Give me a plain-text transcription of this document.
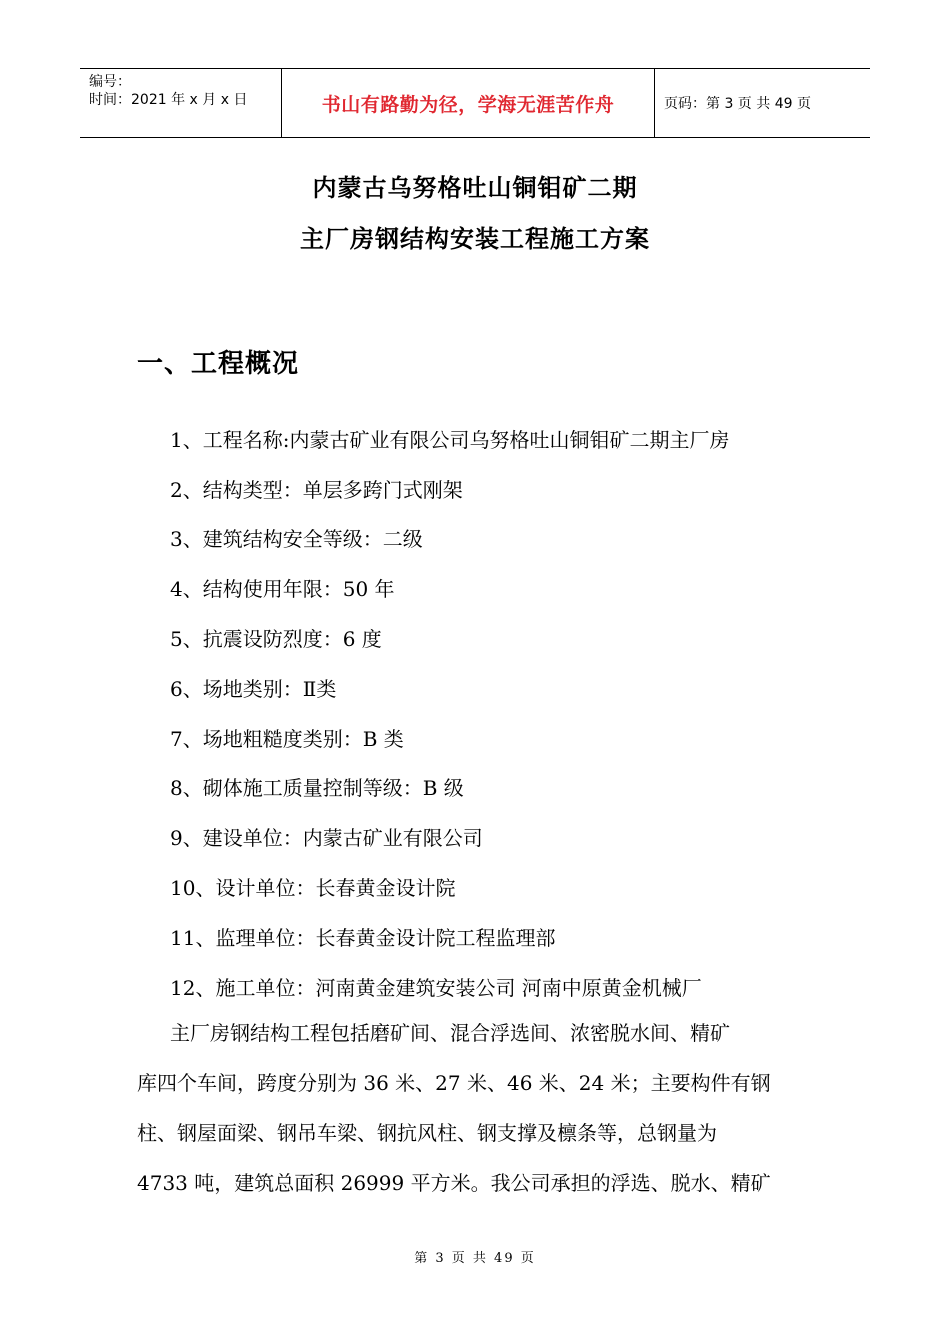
编号：
时间：2021 年 x 月 x 日	书山有路勤为径，学海无涯苦作舟	页码：第 3 页 共 49 页
内蒙古乌努格吐山铜钼矿二期
主厂房钢结构安装工程施工方案
一、工程概况
1、工程名称:内蒙古矿业有限公司乌努格吐山铜钼矿二期主厂房
2、结构类型：单层多跨门式刚架
3、建筑结构安全等级：二级
4、结构使用年限：50 年
5、抗震设防烈度：6 度
6、场地类别：Ⅱ类
7、场地粗糙度类别：B 类
8、砌体施工质量控制等级：B 级
9、建设单位：内蒙古矿业有限公司
10、设计单位：长春黄金设计院
11、监理单位：长春黄金设计院工程监理部
12、施工单位：河南黄金建筑安装公司 河南中原黄金机械厂
主厂房钢结构工程包括磨矿间、混合浮选间、浓密脱水间、精矿
库四个车间，跨度分别为 36 米、27 米、46 米、24 米；主要构件有钢
柱、钢屋面梁、钢吊车梁、钢抗风柱、钢支撑及檩条等，总钢量为
4733 吨，建筑总面积 26999 平方米。我公司承担的浮选、脱水、精矿
第 3 页 共 49 页
